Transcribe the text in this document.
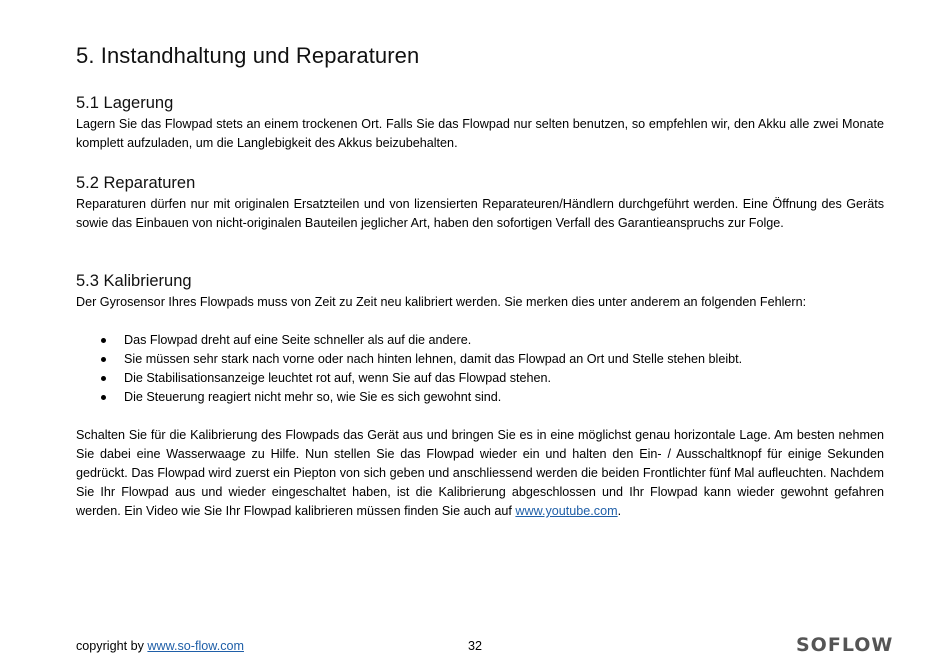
5. Instandhaltung und Reparaturen
5.1 Lagerung

Lagern Sie das Flowpad stets an einem trockenen Ort. Falls Sie das Flowpad nur selten benutzen, so empfehlen wir, den Akku alle zwei Monate komplett aufzuladen, um die Langlebigkeit des Akkus beizubehalten.

5.2 Reparaturen

Reparaturen dürfen nur mit originalen Ersatzteilen und von lizensierten Reparateuren/Händlern durchgeführt werden. Eine Öffnung des Geräts sowie das Einbauen von nicht-originalen Bauteilen jeglicher Art, haben den sofortigen Verfall des Garantieanspruchs zur Folge.

5.3 Kalibrierung

Der Gyrosensor Ihres Flowpads muss von Zeit zu Zeit neu kalibriert werden. Sie merken dies unter anderem an folgenden Fehlern:

Das Flowpad dreht auf eine Seite schneller als auf die andere.
Sie müssen sehr stark nach vorne oder nach hinten lehnen, damit das Flowpad an Ort und Stelle stehen bleibt.
Die Stabilisationsanzeige leuchtet rot auf, wenn Sie auf das Flowpad stehen.
Die Steuerung reagiert nicht mehr so, wie Sie es sich gewohnt sind.

Schalten Sie für die Kalibrierung des Flowpads das Gerät aus und bringen Sie es in eine möglichst genau horizontale Lage. Am besten nehmen Sie dabei eine Wasserwaage zu Hilfe. Nun stellen Sie das Flowpad wieder ein und halten den Ein- / Ausschaltknopf für einige Sekunden gedrückt. Das Flowpad wird zuerst ein Piepton von sich geben und anschliessend werden die beiden Frontlichter fünf Mal aufleuchten. Nachdem Sie Ihr Flowpad aus und wieder eingeschaltet haben, ist die Kalibrierung abgeschlossen und Ihr Flowpad kann wieder gewohnt gefahren werden. Ein Video wie Sie Ihr Flowpad kalibrieren müssen finden Sie auch auf www.youtube.com.

copyright by www.so-flow.com	32	SOFLOW
